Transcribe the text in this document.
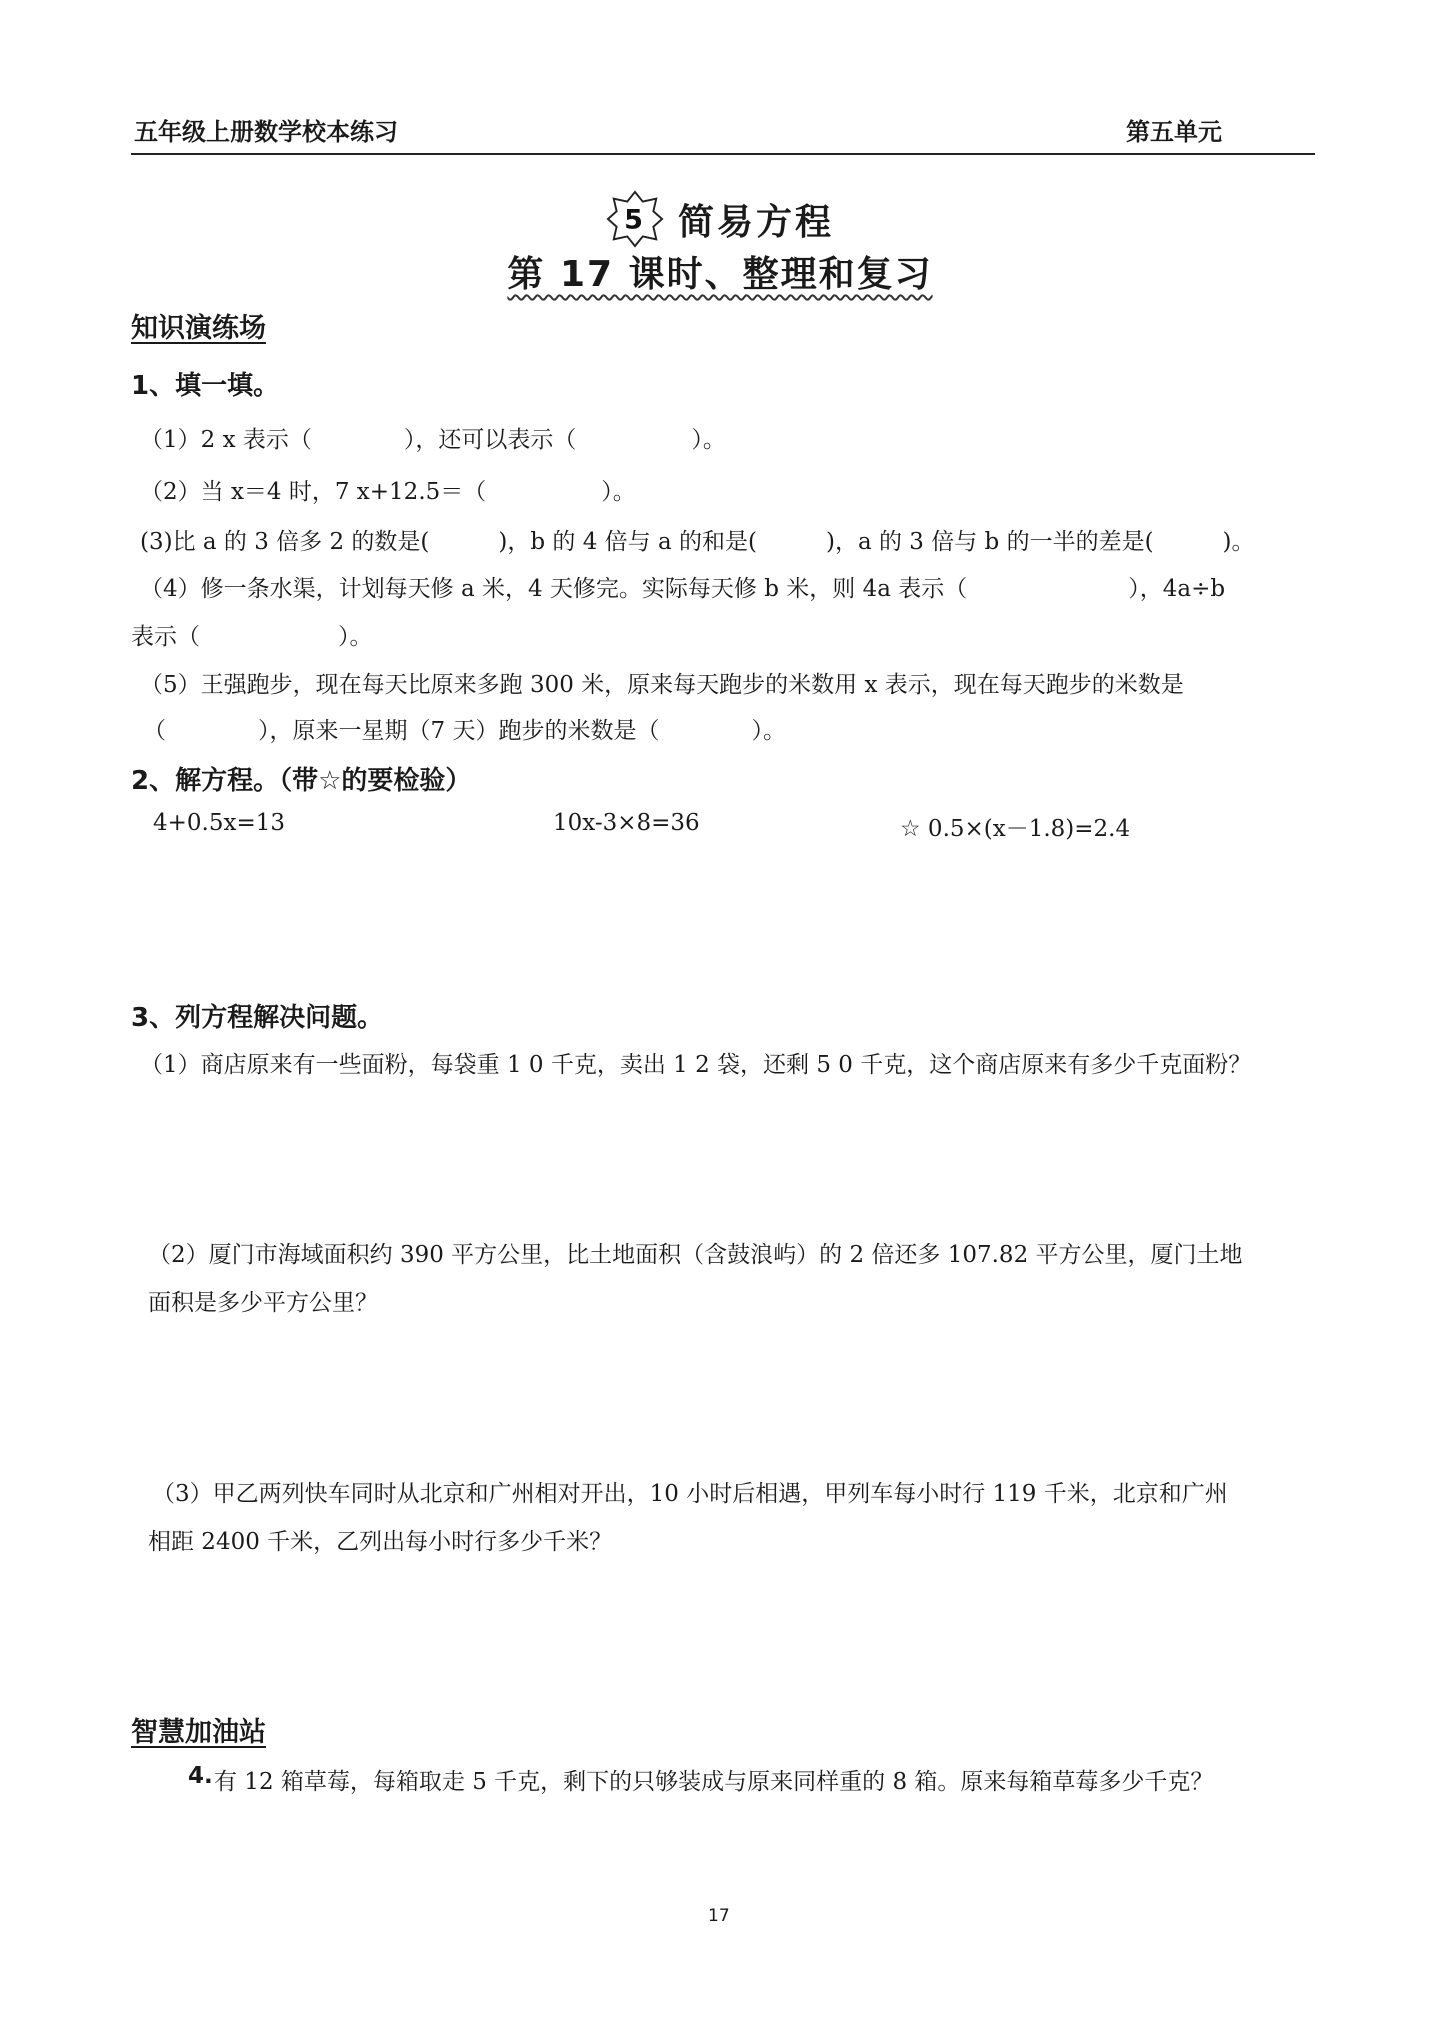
五年级上册数学校本练习	第五单元
5 简易方程
第 17 课时、整理和复习
知识演练场
1、填一填。
（1）2 x 表示（　　　　），还可以表示（　　　　　）。
（2）当 x＝4 时，7 x+12.5＝（　　　　　）。
(3)比 a 的 3 倍多 2 的数是(　　　)，b 的 4 倍与 a 的和是(　　　)，a 的 3 倍与 b 的一半的差是(　　　)。
（4）修一条水渠，计划每天修 a 米，4 天修完。实际每天修 b 米，则 4a 表示（　　　　　　　），4a÷b
表示（　　　　　　）。
（5）王强跑步，现在每天比原来多跑 300 米，原来每天跑步的米数用 x 表示，现在每天跑步的米数是
（　　　　），原来一星期（7 天）跑步的米数是（　　　　）。
2、解方程。（带☆的要检验）
4+0.5x=13	10x-3×8=36	☆ 0.5×(x－1.8)=2.4
3、列方程解决问题。
（1）商店原来有一些面粉，每袋重 1 0 千克，卖出 1 2 袋，还剩 5 0 千克，这个商店原来有多少千克面粉？
（2）厦门市海域面积约 390 平方公里，比土地面积（含鼓浪屿）的 2 倍还多 107.82 平方公里，厦门土地
面积是多少平方公里？
（3）甲乙两列快车同时从北京和广州相对开出，10 小时后相遇，甲列车每小时行 119 千米，北京和广州
相距 2400 千米，乙列出每小时行多少千米？
智慧加油站
4. 有 12 箱草莓，每箱取走 5 千克，剩下的只够装成与原来同样重的 8 箱。原来每箱草莓多少千克？
17
